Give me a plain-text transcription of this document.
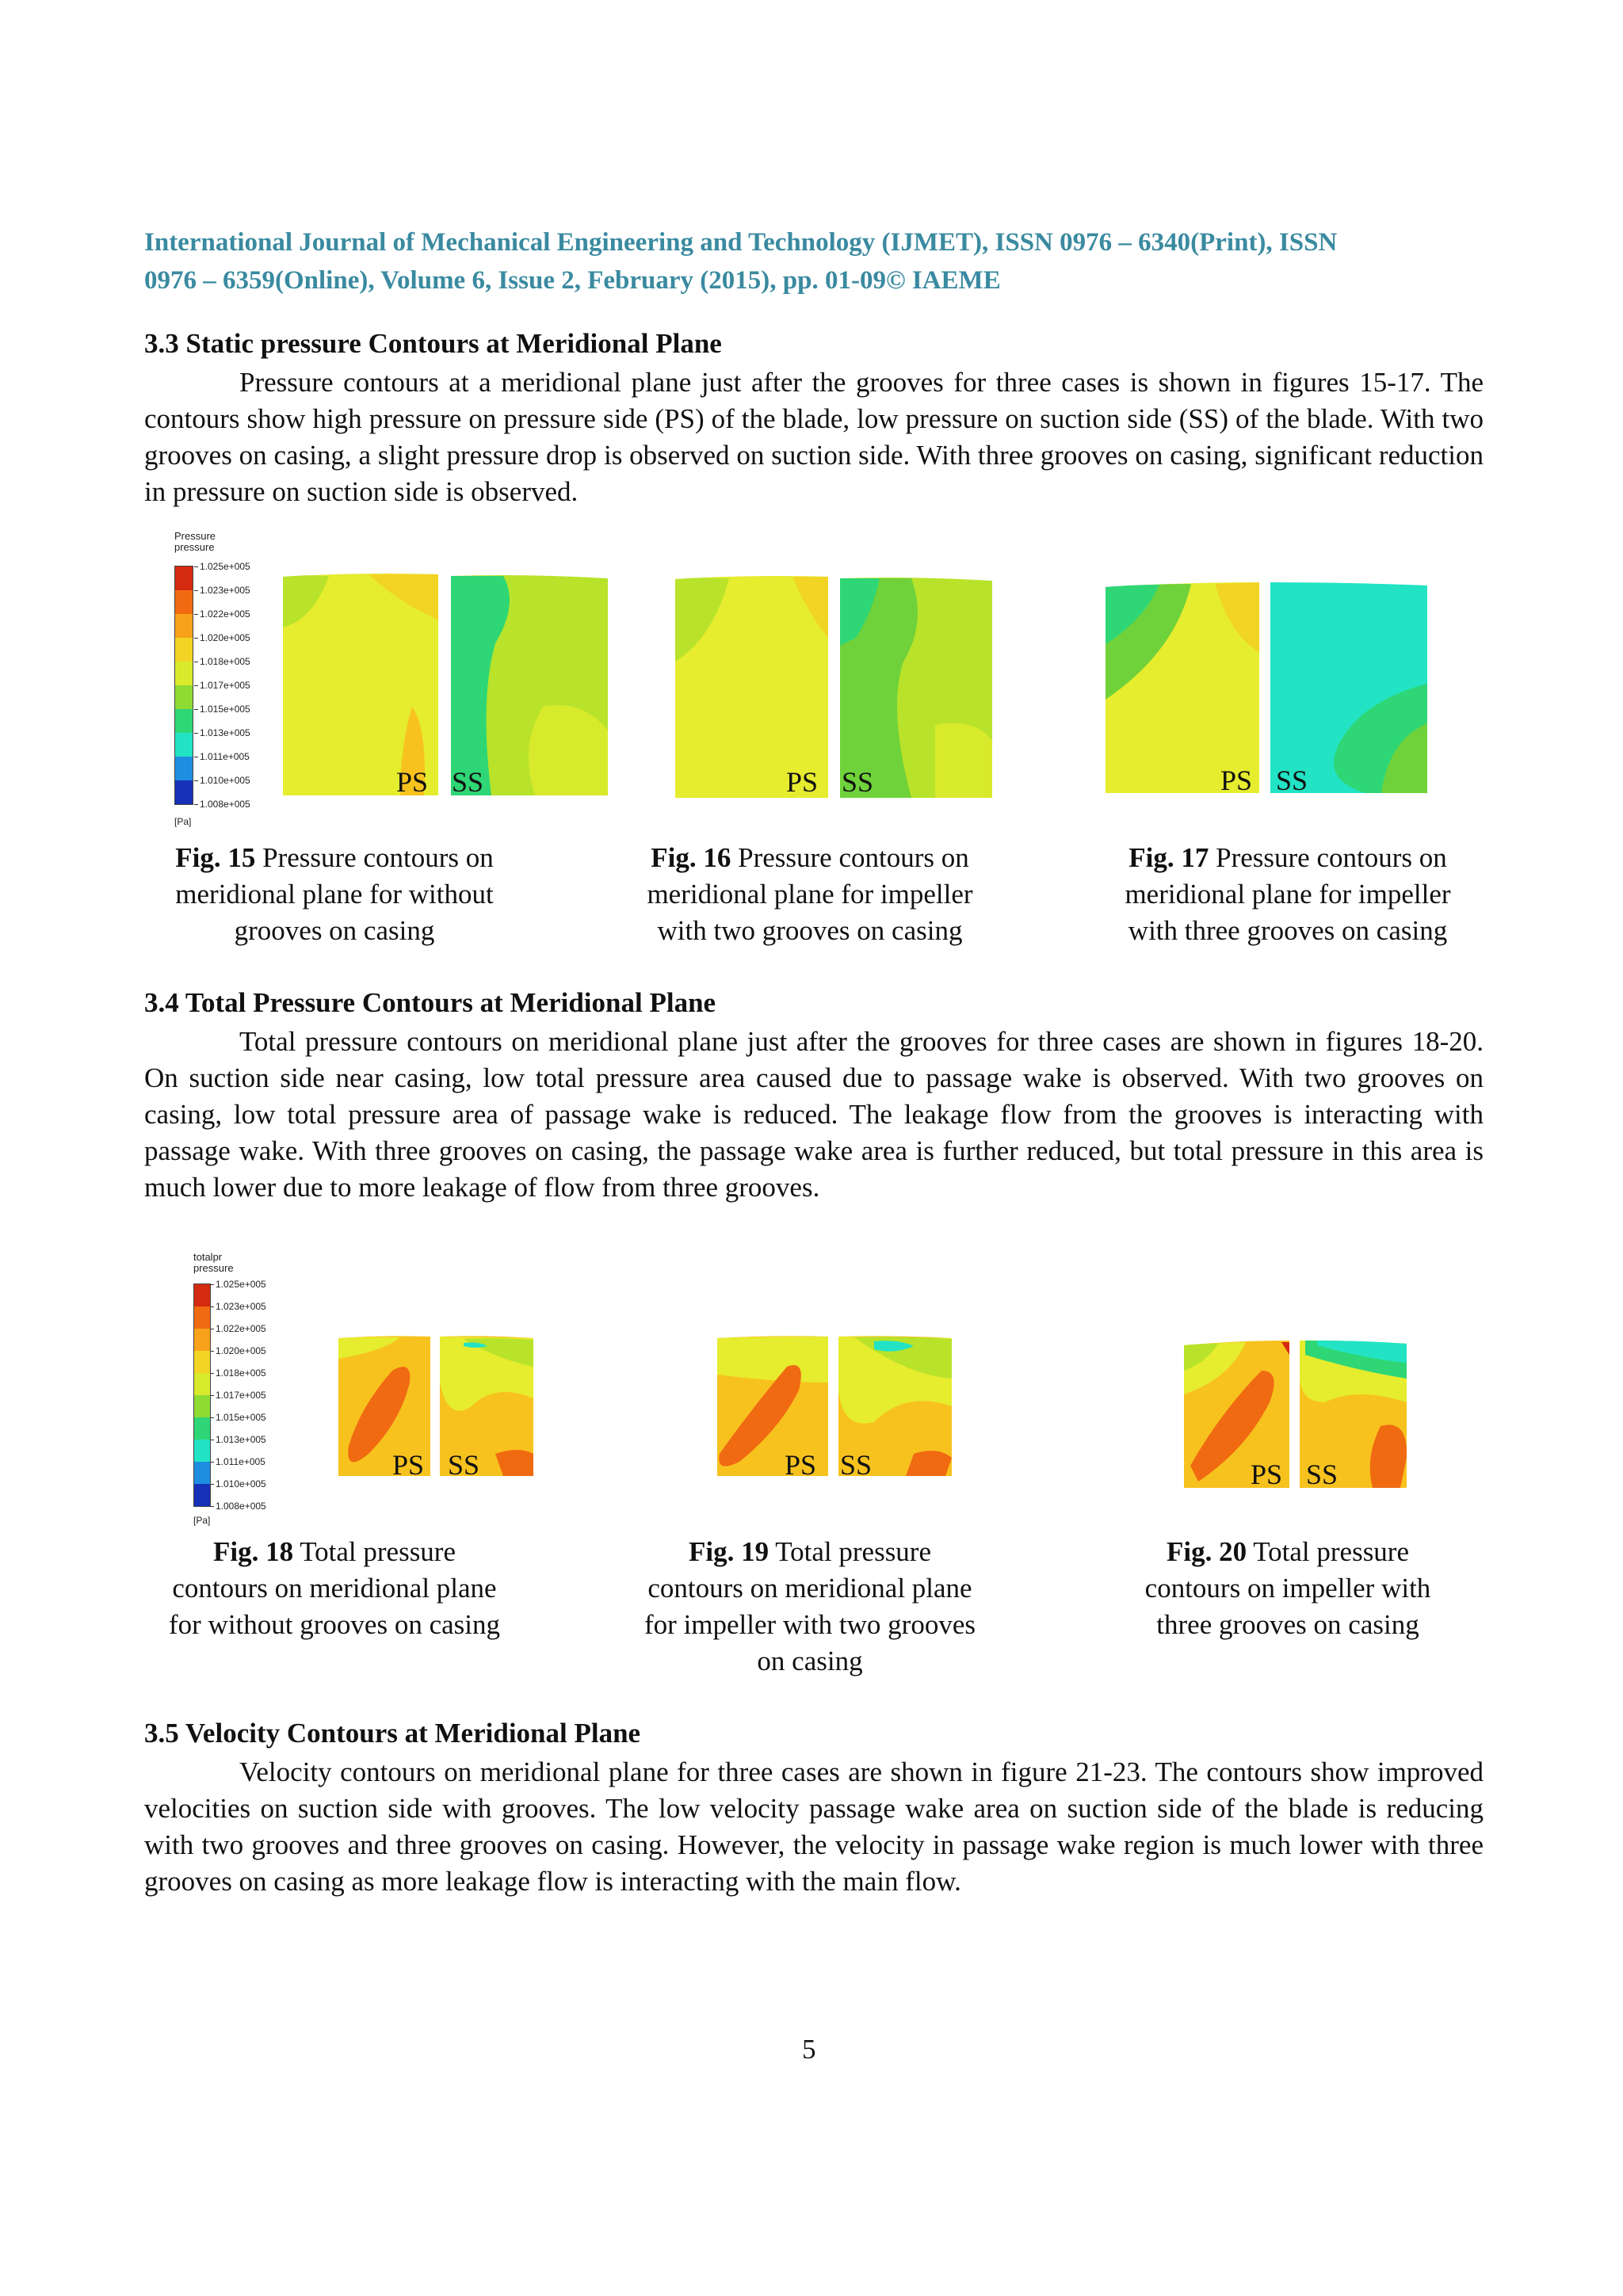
International Journal of Mechanical Engineering and Technology (IJMET), ISSN 0976 – 6340(Print), ISSN
0976 – 6359(Online), Volume 6, Issue 2, February (2015), pp. 01-09© IAEME
3.3 Static pressure Contours at Meridional Plane
Pressure contours at a meridional plane just after the grooves for three cases is shown in figures 15-17. The contours show high pressure on pressure side (PS) of the blade, low pressure on suction side (SS) of the blade. With two grooves on casing, a slight pressure drop is observed on suction side. With three grooves on casing, significant reduction in pressure on suction side is observed.
Pressure
pressure
1.025e+005
1.023e+005
1.022e+005
1.020e+005
1.018e+005
1.017e+005
1.015e+005
1.013e+005
1.011e+005
1.010e+005
1.008e+005
[Pa]
PS SS	PS SS	PS SS
Fig. 15 Pressure contours on
meridional plane for without
grooves on casing
Fig. 16 Pressure contours on
meridional plane for impeller
with two grooves on casing
Fig. 17 Pressure contours on
meridional plane for impeller
with three grooves on casing
3.4 Total Pressure Contours at Meridional Plane
Total pressure contours on meridional plane just after the grooves for three cases are shown in figures 18-20. On suction side near casing, low total pressure area caused due to passage wake is observed. With two grooves on casing, low total pressure area of passage wake is reduced. The leakage flow from the grooves is interacting with passage wake. With three grooves on casing, the passage wake area is further reduced, but total pressure in this area is much lower due to more leakage of flow from three grooves.
totalpr
pressure
1.025e+005
1.023e+005
1.022e+005
1.020e+005
1.018e+005
1.017e+005
1.015e+005
1.013e+005
1.011e+005
1.010e+005
1.008e+005
[Pa]
PS SS	PS SS	PS SS
Fig. 18 Total pressure
contours on meridional plane
for without grooves on casing
Fig. 19 Total pressure
contours on meridional plane
for impeller with two grooves
on casing
Fig. 20 Total pressure
contours on impeller with
three grooves on casing
3.5 Velocity Contours at Meridional Plane
Velocity contours on meridional plane for three cases are shown in figure 21-23. The contours show improved velocities on suction side with grooves. The low velocity passage wake area on suction side of the blade is reducing with two grooves and three grooves on casing. However, the velocity in passage wake region is much lower with three grooves on casing as more leakage flow is interacting with the main flow.
5
